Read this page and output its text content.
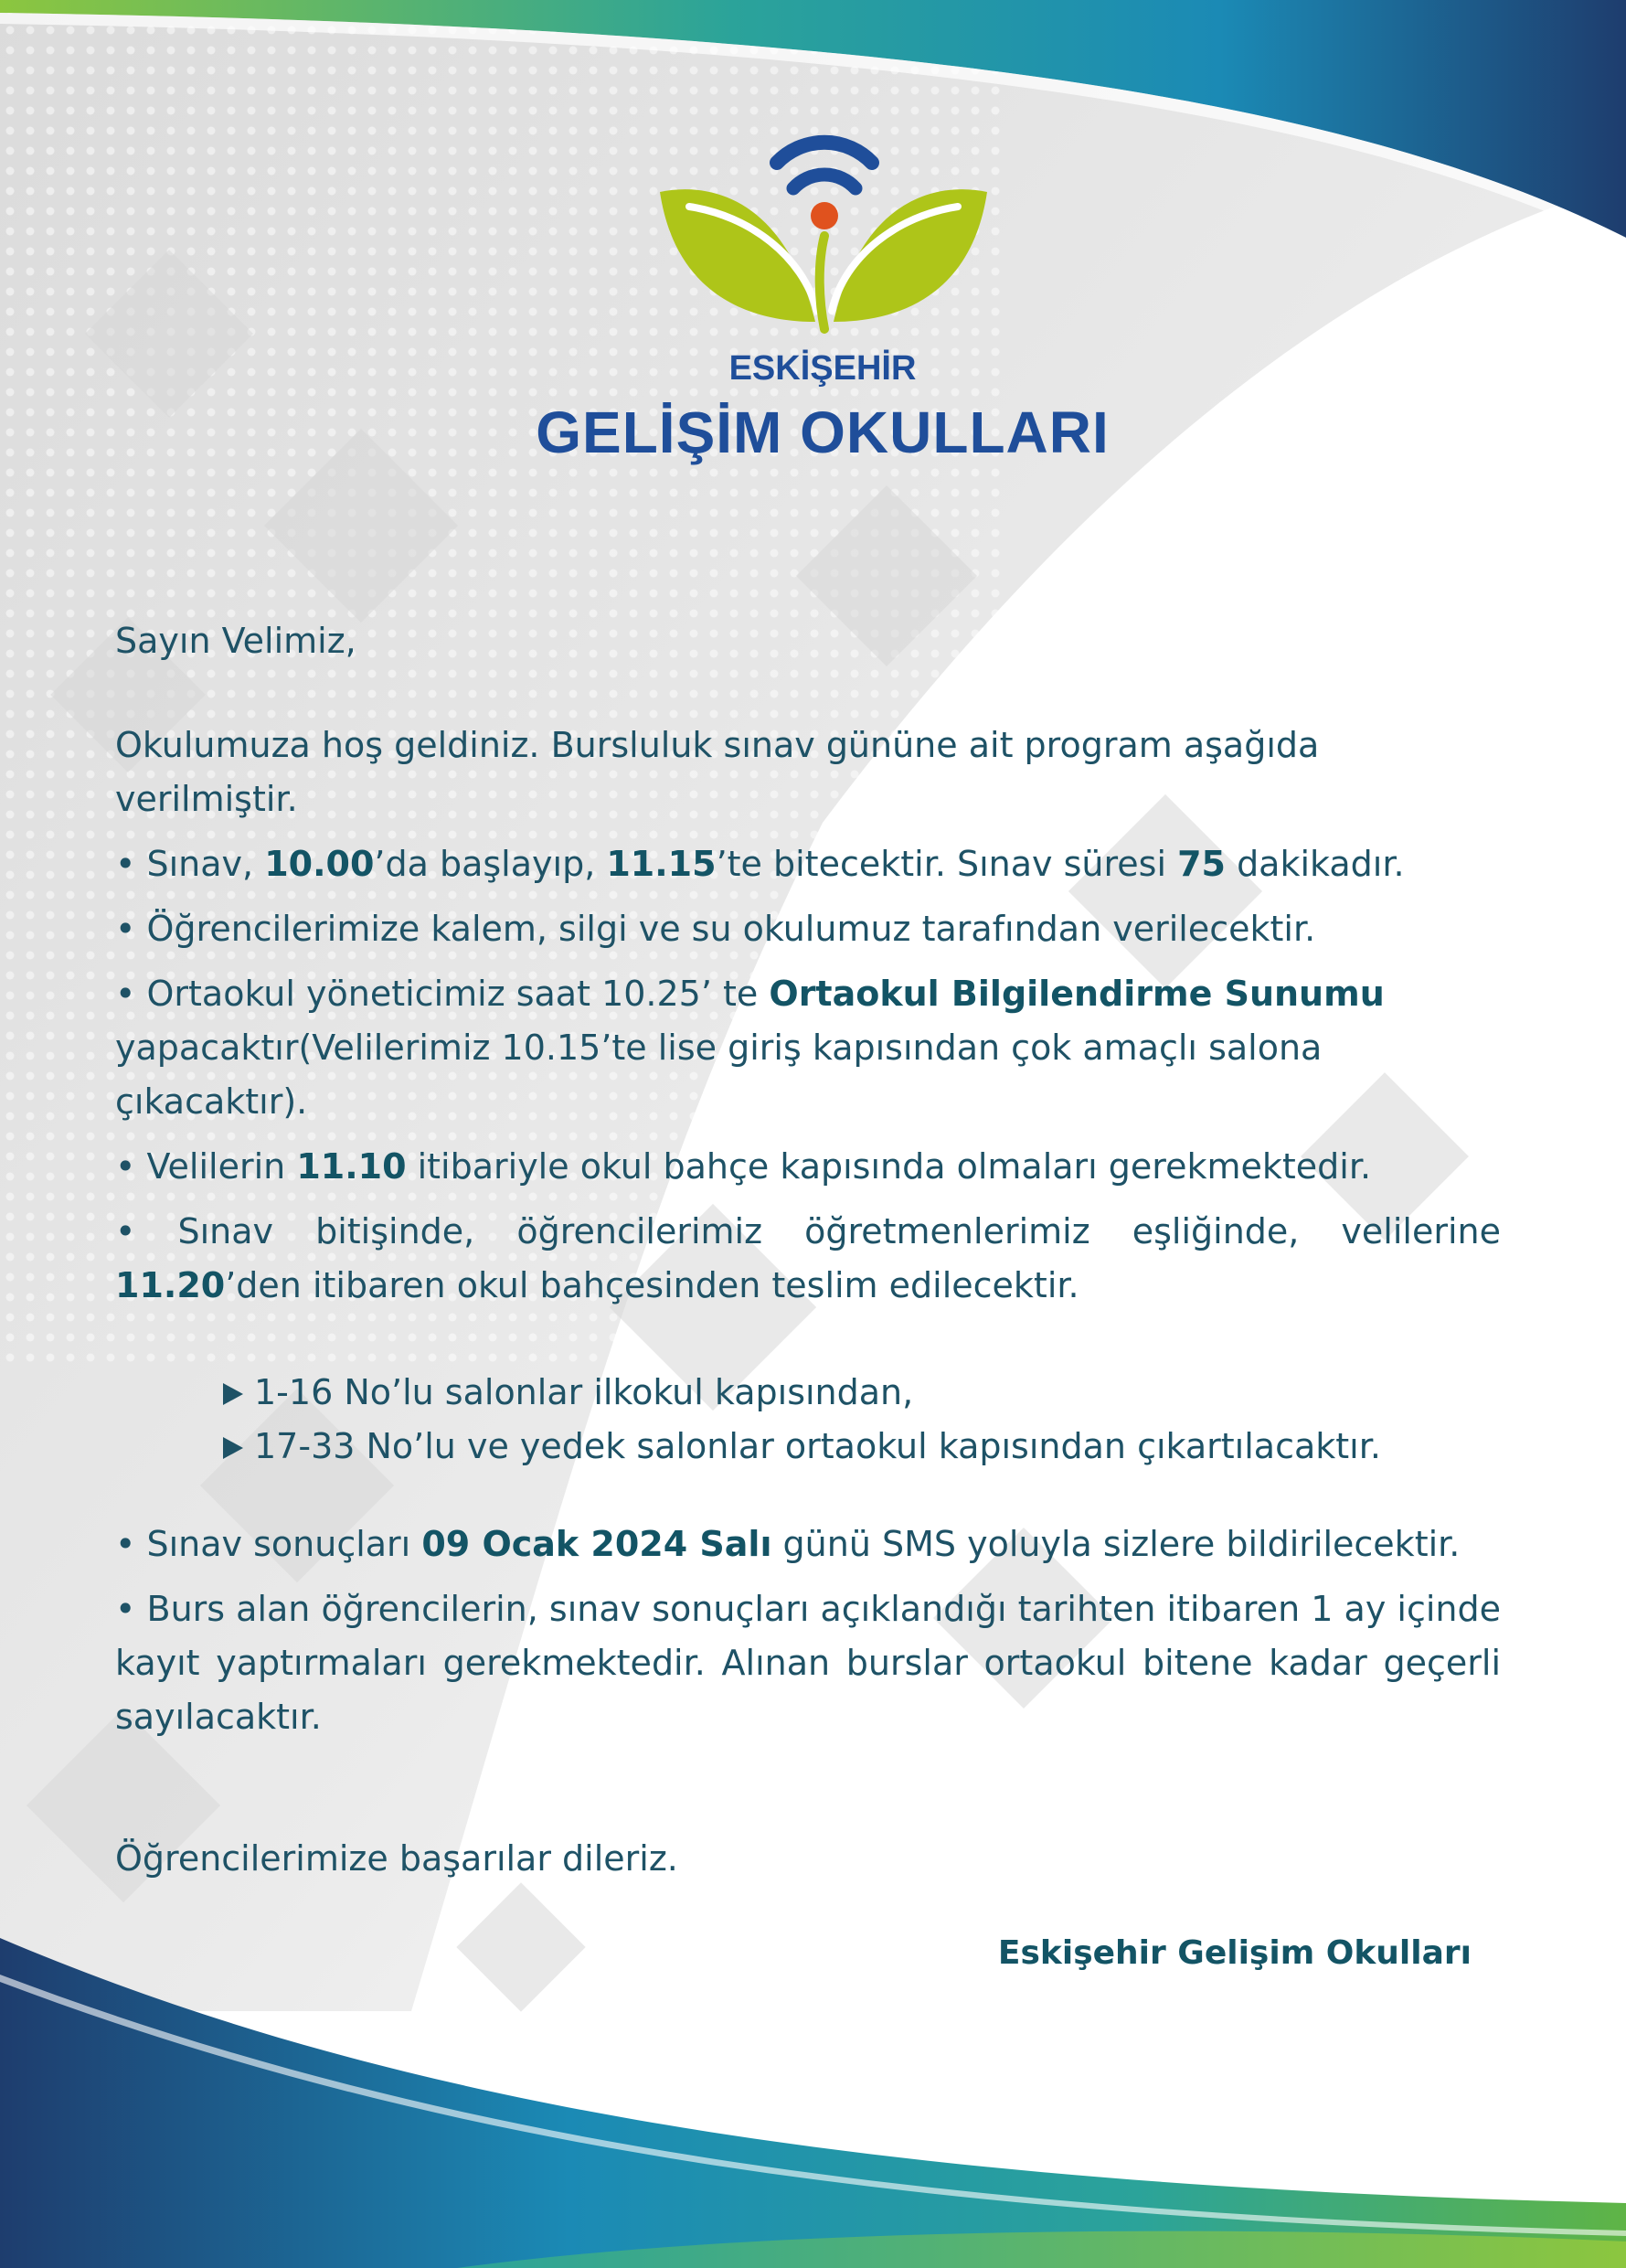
ESKİŞEHİR
GELİŞİM OKULLARI

Sayın Velimiz,

Okulumuza hoş geldiniz. Bursluluk sınav gününe ait program aşağıda verilmiştir.

• Sınav, 10.00’da başlayıp, 11.15’te bitecektir. Sınav süresi 75 dakikadır.

• Öğrencilerimize kalem, silgi ve su okulumuz tarafından verilecektir.

• Ortaokul yöneticimiz saat 10.25’ te Ortaokul Bilgilendirme Sunumu yapacaktır(Velilerimiz 10.15’te lise giriş kapısından çok amaçlı salona çıkacaktır).

• Velilerin 11.10 itibariyle okul bahçe kapısında olmaları gerekmektedir.

• Sınav bitişinde, öğrencilerimiz öğretmenlerimiz eşliğinde, velilerine 11.20’den itibaren okul bahçesinden teslim edilecektir.

1-16 No’lu salonlar ilkokul kapısından,
17-33 No’lu ve yedek salonlar ortaokul kapısından çıkartılacaktır.

• Sınav sonuçları 09 Ocak 2024 Salı günü SMS yoluyla sizlere bildirilecektir.

• Burs alan öğrencilerin, sınav sonuçları açıklandığı tarihten itibaren 1 ay içinde kayıt yaptırmaları gerekmektedir. Alınan burslar ortaokul bitene kadar geçerli sayılacaktır.

Öğrencilerimize başarılar dileriz.

Eskişehir Gelişim Okulları
